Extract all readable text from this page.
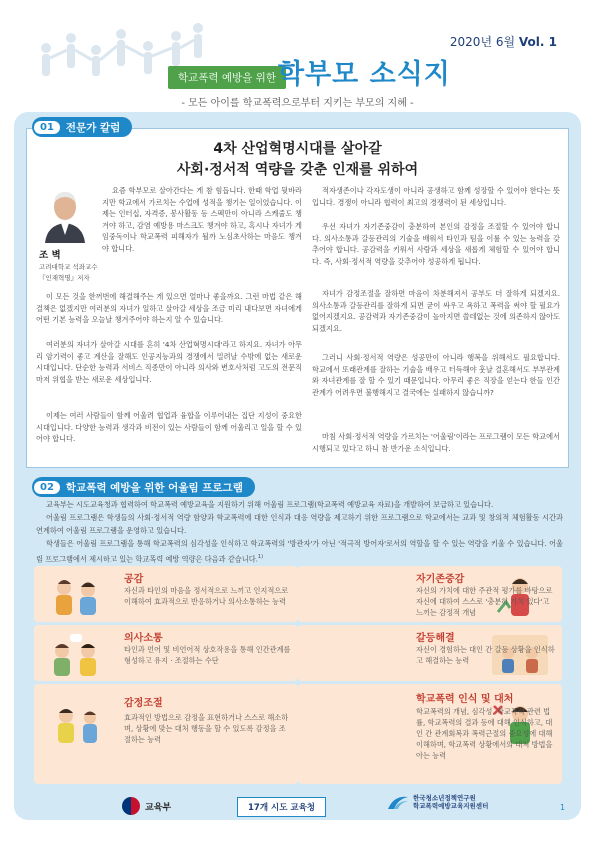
2020년 6월 Vol. 1
학교폭력 예방을 위한 학부모 소식지
- 모든 아이를 학교폭력으로부터 지키는 부모의 지혜 -
01	전문가 칼럼
4차 산업혁명시대를 살아갈
사회·정서적 역량을 갖춘 인재를 위하여
조 벽
고려대학교 석좌교수
『인재혁명』저자

요즘 학부모로 살아간다는 게 참 힘듭니다. 한때 학업 뒷바라지만 학교에서 가르치는 수업에 성적을 챙기는 일이었습니다. 이제는 인터십, 자격증, 봉사활동 등 스펙만이 아니라 스케줄도 챙겨야 하고, 감염 예방용 마스크도 챙겨야 하고, 혹시나 자녀가 게임중독이나 학교폭력 피해자가 될까 노심초사하는 마음도 챙겨야 합니다.

이 모든 것을 한꺼번에 해결해주는 게 있으면 얼마나 좋을까요. 그런 마법 같은 해결책은 없겠지만 여러분의 자녀가 일하고 살아갈 세상을 조금 미리 내다보면 자녀에게 어떤 기본 능력을 오늘날 챙겨주어야 하는지 알 수 있습니다.

여러분의 자녀가 살아갈 시대를 흔히 '4차 산업혁명시대'라고 하지요. 자녀가 아무리 암기력이 좋고 계산을 잘해도 인공지능과의 경쟁에서 밀려날 수밖에 없는 새로운 시대입니다. 단순한 능력과 서비스 직종만이 아니라 의사와 변호사처럼 고도의 전문직마저 위협을 받는 새로운 세상입니다.

이제는 여러 사람들이 함께 어울려 협업과 융합을 이루어내는 집단 지성이 중요한 시대입니다. 다양한 능력과 생각과 비전이 있는 사람들이 함께 어울리고 일을 할 수 있어야 합니다.

적자생존이나 각자도생이 아니라 공생하고 함께 성장할 수 있어야 한다는 뜻입니다. 경쟁이 아니라 협력이 최고의 경쟁력이 된 세상입니다.

우선 자녀가 자기존중감이 충분하여 본인의 감정을 조절할 수 있어야 합니다. 의사소통과 갈등관리의 기술을 배워서 타인과 팀을 이룰 수 있는 능력을 갖추어야 합니다. 공감력을 키워서 사람과 세상을 새롭게 체험할 수 있어야 합니다. 즉, 사회·정서적 역량을 갖추어야 성공하게 됩니다.

자녀가 감정조절을 잘하면 마음이 차분해져서 공부도 더 잘하게 되겠지요. 의사소통과 갈등관리를 잘하게 되면 굳이 싸우고 욕하고 폭력을 써야 할 필요가 없어지겠지요. 공감력과 자기존중감이 높아지면 쓸데없는 것에 의존하지 않아도 되겠지요.

그러니 사회·정서적 역량은 성공만이 아니라 행복을 위해서도 필요합니다. 학교에서 또래관계를 잘하는 기술을 배우고 터득해야 훗날 결혼해서도 부부관계와 자녀관계를 잘 할 수 있기 때문입니다. 아무리 좋은 직장을 얻는다 한들 인간관계가 어려우면 불행해지고 결국에는 실패하지 않습니까?

마침 사회·정서적 역량을 가르치는 '어울림'이라는 프로그램이 모든 학교에서 시행되고 있다고 하니 참 반가운 소식입니다.

02	학교폭력 예방을 위한 어울림 프로그램

교육부는 시도교육청과 협력하여 학교폭력 예방교육을 지원하기 위해 어울림 프로그램(학교폭력 예방교육 자료)을 개발하여 보급하고 있습니다.

어울림 프로그램은 학생들의 사회·정서적 역량 함양과 학교폭력에 대한 인식과 대응 역량을 제고하기 위한 프로그램으로 학교에서는 교과 및 창의적 체험활동 시간과 연계하여 어울림 프로그램을 운영하고 있습니다.

학생들은 어울림 프로그램을 통해 학교폭력의 심각성을 인식하고 학교폭력의 '방관자'가 아닌 '적극적 방어자'로서의 역할을 할 수 있는 역량을 키울 수 있습니다. 어울림 프로그램에서 제시하고 있는 학교폭력 예방 역량은 다음과 같습니다.$^{1)}$

공감
자신과 타인의 마음을 정서적으로 느끼고 인지적으로 이해하여 효과적으로 반응하거나 의사소통하는 능력
자기존중감
자신의 가치에 대한 주관적 평가를 바탕으로 자신에 대하여 스스로 '충분히 가치 있다'고 느끼는 감정적 개념
의사소통
타인과 언어 및 비언어적 상호작용을 통해 인간관계를 형성하고 유지 · 조절하는 수단
갈등해결
자신이 경험하는 대인 간 갈등 상황을 인식하고 해결하는 능력
감정조절
효과적인 방법으로 감정을 표현하거나 스스로 해소하며, 상황에 맞는 대처 행동을 할 수 있도록 감정을 조절하는 능력
학교폭력 인식 및 대처
학교폭력의 개념, 심각성, 학교폭력 관련 법률, 학교폭력의 결과 등에 대해 인식하고, 대인 간 관계회복과 폭력근절의 중요성에 대해 이해하며, 학교폭력 상황에서의 대처 방법을 아는 능력
교육부	17개 시도 교육청
한국청소년정책연구원
학교폭력예방교육지원센터	1
